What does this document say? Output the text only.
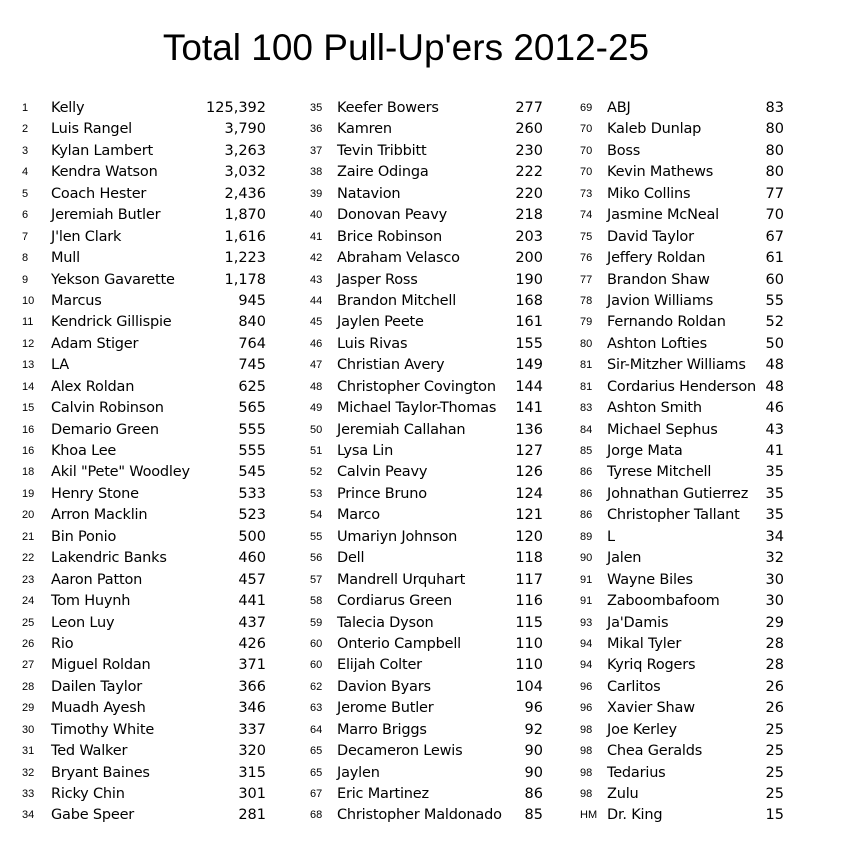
Total 100 Pull-Up'ers 2012-25
1	Kelly	125,392
2	Luis Rangel	3,790
3	Kylan Lambert	3,263
4	Kendra Watson	3,032
5	Coach Hester	2,436
6	Jeremiah Butler	1,870
7	J'len Clark	1,616
8	Mull	1,223
9	Yekson Gavarette	1,178
10	Marcus	945
11	Kendrick Gillispie	840
12	Adam Stiger	764
13	LA	745
14	Alex Roldan	625
15	Calvin Robinson	565
16	Demario Green	555
16	Khoa Lee	555
18	Akil "Pete" Woodley	545
19	Henry Stone	533
20	Arron Macklin	523
21	Bin Ponio	500
22	Lakendric Banks	460
23	Aaron Patton	457
24	Tom Huynh	441
25	Leon Luy	437
26	Rio	426
27	Miguel Roldan	371
28	Dailen Taylor	366
29	Muadh Ayesh	346
30	Timothy White	337
31	Ted Walker	320
32	Bryant Baines	315
33	Ricky Chin	301
34	Gabe Speer	281
35	Keefer Bowers	277
36	Kamren	260
37	Tevin Tribbitt	230
38	Zaire Odinga	222
39	Natavion	220
40	Donovan Peavy	218
41	Brice Robinson	203
42	Abraham Velasco	200
43	Jasper Ross	190
44	Brandon Mitchell	168
45	Jaylen Peete	161
46	Luis Rivas	155
47	Christian Avery	149
48	Christopher Covington 144
49	Michael Taylor-Thomas 141
50	Jeremiah Callahan	136
51	Lysa Lin	127
52	Calvin Peavy	126
53	Prince Bruno	124
54	Marco	121
55	Umariyn Johnson	120
56	Dell	118
57	Mandrell Urquhart	117
58	Cordiarus Green	116
59	Talecia Dyson	115
60	Onterio Campbell	110
60	Elijah Colter	110
62	Davion Byars	104
63	Jerome Butler	96
64	Marro Briggs	92
65	Decameron Lewis	90
65	Jaylen	90
67	Eric Martinez	86
68	Christopher Maldonado 85
69	ABJ	83
70	Kaleb Dunlap	80
70	Boss	80
70	Kevin Mathews	80
73	Miko Collins	77
74	Jasmine McNeal	70
75	David Taylor	67
76	Jeffery Roldan	61
77	Brandon Shaw	60
78	Javion Williams	55
79	Fernando Roldan	52
80	Ashton Lofties	50
81	Sir-Mitzher Williams 48
81	Cordarius Henderson 48
83	Ashton Smith	46
84	Michael Sephus	43
85	Jorge Mata	41
86	Tyrese Mitchell	35
86	Johnathan Gutierrez 35
86	Christopher Tallant 35
89	L	34
90	Jalen	32
91	Wayne Biles	30
91	Zaboombafoom	30
93	Ja'Damis	29
94	Mikal Tyler	28
94	Kyriq Rogers	28
96	Carlitos	26
96	Xavier Shaw	26
98	Joe Kerley	25
98	Chea Geralds	25
98	Tedarius	25
98	Zulu	25
HM Dr. King	15
